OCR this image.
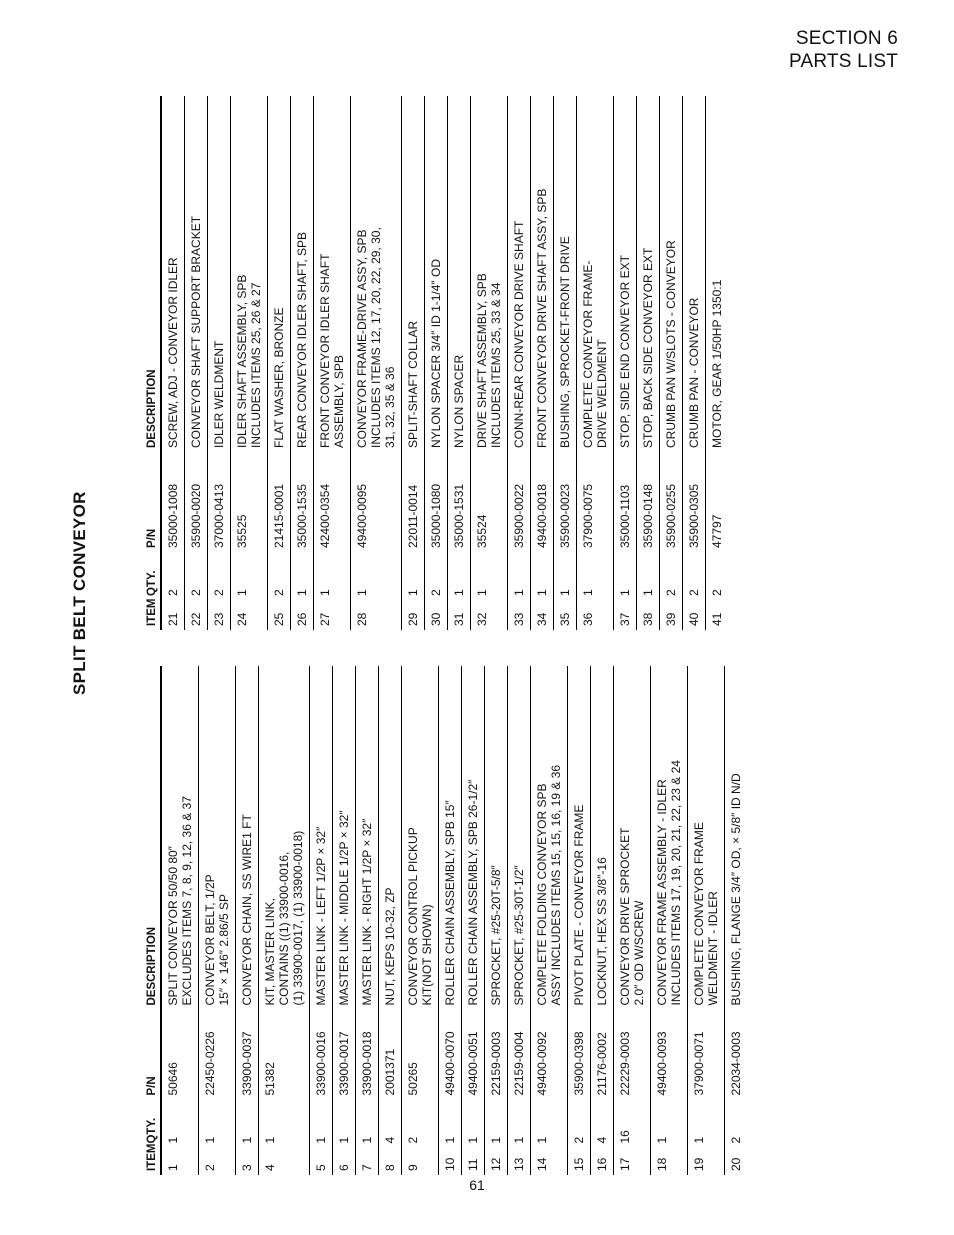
SECTION 6
PARTS LIST
SPLIT BELT CONVEYOR
ITEM	QTY.	P/N	DESCRIPTION
1	1	50646	SPLIT CONVEYOR 50/50 80″
EXCLUDES ITEMS 7, 8, 9, 12, 36 & 37
2	1	22450-0226	CONVEYOR BELT, 1/2P
15″ × 146″ 2.86/5 SP
3	1	33900-0037	CONVEYOR CHAIN, SS WIRE1 FT
4	1	51382	KIT, MASTER LINK,
CONTAINS ((1) 33900-0016,
(1) 33900-0017, (1) 33900-0018)
5	1	33900-0016	MASTER LINK - LEFT 1/2P × 32″
6	1	33900-0017	MASTER LINK - MIDDLE 1/2P × 32″
7	1	33900-0018	MASTER LINK - RIGHT 1/2P × 32″
8	4	2001371	NUT, KEPS 10-32, ZP
9	2	50265	CONVEYOR CONTROL PICKUP
KIT(NOT SHOWN)
10	1	49400-0070	ROLLER CHAIN ASSEMBLY, SPB 15″
11	1	49400-0051	ROLLER CHAIN ASSEMBLY, SPB 26-1/2″
12	1	22159-0003	SPROCKET, #25-20T-5/8″
13	1	22159-0004	SPROCKET, #25-30T-1/2″
14	1	49400-0092	COMPLETE FOLDING CONVEYOR SPB
ASSY INCLUDES ITEMS 15, 15, 16, 19 & 36
15	2	35900-0398	PIVOT PLATE - CONVEYOR FRAME
16	4	21176-0002	LOCKNUT, HEX SS 3/8″-16
17	16	22229-0003	CONVEYOR DRIVE SPROCKET
2.0″ OD W/SCREW
18	1	49400-0093	CONVEYOR FRAME ASSEMBLY - IDLER
INCLUDES ITEMS 17, 19, 20, 21, 22, 23 & 24
19	1	37900-0071	COMPLETE CONVEYOR FRAME
WELDMENT - IDLER
20	2	22034-0003	BUSHING, FLANGE 3/4″ OD, × 5/8″ ID N/D
ITEM	QTY.	P/N	DESCRIPTION
21	2	35000-1008	SCREW, ADJ - CONVEYOR IDLER
22	2	35900-0020	CONVEYOR SHAFT SUPPORT BRACKET
23	2	37000-0413	IDLER WELDMENT
24	1	35525	IDLER SHAFT ASSEMBLY, SPB
INCLUDES ITEMS 25, 26 & 27
25	2	21415-0001	FLAT WASHER, BRONZE
26	1	35000-1535	REAR CONVEYOR IDLER SHAFT, SPB
27	1	42400-0354	FRONT CONVEYOR IDLER SHAFT
ASSEMBLY, SPB
28	1	49400-0095	CONVEYOR FRAME-DRIVE ASSY, SPB
INCLUDES ITEMS 12, 17, 20, 22, 29, 30,
31, 32, 35 & 36
29	1	22011-0014	SPLIT-SHAFT COLLAR
30	2	35000-1080	NYLON SPACER 3/4″ ID 1-1/4″ OD
31	1	35000-1531	NYLON SPACER
32	1	35524	DRIVE SHAFT ASSEMBLY, SPB
INCLUDES ITEMS 25, 33 & 34
33	1	35900-0022	CONN-REAR CONVEYOR DRIVE SHAFT
34	1	49400-0018	FRONT CONVEYOR DRIVE SHAFT ASSY, SPB
35	1	35900-0023	BUSHING, SPROCKET-FRONT DRIVE
36	1	37900-0075	COMPLETE CONVEYOR FRAME-
DRIVE WELDMENT
37	1	35000-1103	STOP, SIDE END CONVEYOR EXT
38	1	35900-0148	STOP, BACK SIDE CONVEYOR EXT
39	2	35900-0255	CRUMB PAN W/SLOTS - CONVEYOR
40	2	35900-0305	CRUMB PAN - CONVEYOR
41	2	47797	MOTOR, GEAR 1/50HP 1350:1
61
